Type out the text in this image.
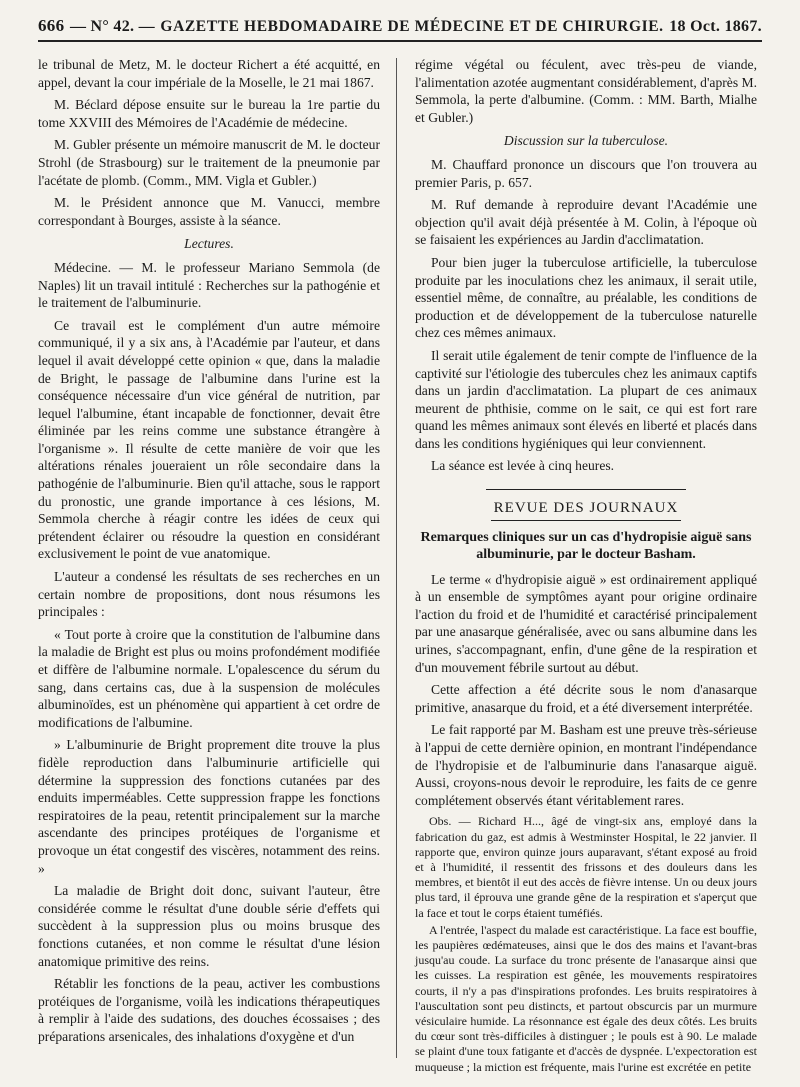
666 — N° 42. — GAZETTE HEBDOMADAIRE DE MÉDECINE ET DE CHIRURGIE. 18 Oct. 1867.

le tribunal de Metz, M. le docteur Richert a été acquitté, en appel, devant la cour impériale de la Moselle, le 21 mai 1867.

M. Béclard dépose ensuite sur le bureau la 1re partie du tome XXVIII des Mémoires de l'Académie de médecine.

M. Gubler présente un mémoire manuscrit de M. le docteur Strohl (de Strasbourg) sur le traitement de la pneumonie par l'acétate de plomb. (Comm., MM. Vigla et Gubler.)

M. le Président annonce que M. Vanucci, membre correspondant à Bourges, assiste à la séance.

Lectures.

Médecine. — M. le professeur Mariano Semmola (de Naples) lit un travail intitulé : Recherches sur la pathogénie et le traitement de l'albuminurie.

Ce travail est le complément d'un autre mémoire communiqué, il y a six ans, à l'Académie par l'auteur, et dans lequel il avait développé cette opinion « que, dans la maladie de Bright, le passage de l'albumine dans l'urine est la conséquence nécessaire d'un vice général de nutrition, par lequel l'albumine, étant incapable de fonctionner, devait être éliminée par les reins comme une substance étrangère à l'organisme ». Il résulte de cette manière de voir que les altérations rénales joueraient un rôle secondaire dans la pathogénie de l'albuminurie. Bien qu'il attache, sous le rapport du pronostic, une grande importance à ces lésions, M. Semmola cherche à réagir contre les idées de ceux qui prétendent éclairer ou résoudre la question en considérant exclusivement le point de vue anatomique.

L'auteur a condensé les résultats de ses recherches en un certain nombre de propositions, dont nous résumons les principales :

« Tout porte à croire que la constitution de l'albumine dans la maladie de Bright est plus ou moins profondément modifiée et diffère de l'albumine normale. L'opalescence du sérum du sang, dans certains cas, due à la suspension de molécules albuminoïdes, est un phénomène qui appartient à cet ordre de modifications de l'albumine.

» L'albuminurie de Bright proprement dite trouve la plus fidèle reproduction dans l'albuminurie artificielle qui détermine la suppression des fonctions cutanées par des enduits imperméables. Cette suppression frappe les fonctions respiratoires de la peau, retentit principalement sur la marche ascendante des principes protéiques de l'organisme et provoque un état congestif des viscères, notamment des reins. »

La maladie de Bright doit donc, suivant l'auteur, être considérée comme le résultat d'une double série d'effets qui succèdent à la suppression plus ou moins brusque des fonctions cutanées, et non comme le résultat d'une lésion anatomique primitive des reins.

Rétablir les fonctions de la peau, activer les combustions protéiques de l'organisme, voilà les indications thérapeutiques à remplir à l'aide des sudations, des douches écossaises ; des préparations arsenicales, des inhalations d'oxygène et d'un

régime végétal ou féculent, avec très-peu de viande, l'alimentation azotée augmentant considérablement, d'après M. Semmola, la perte d'albumine. (Comm. : MM. Barth, Mialhe et Gubler.)

Discussion sur la tuberculose.

M. Chauffard prononce un discours que l'on trouvera au premier Paris, p. 657.

M. Ruf demande à reproduire devant l'Académie une objection qu'il avait déjà présentée à M. Colin, à l'époque où se faisaient les expériences au Jardin d'acclimatation.

Pour bien juger la tuberculose artificielle, la tuberculose produite par les inoculations chez les animaux, il serait utile, essentiel même, de connaître, au préalable, les conditions de production et de développement de la tuberculose naturelle chez ces mêmes animaux.

Il serait utile également de tenir compte de l'influence de la captivité sur l'étiologie des tubercules chez les animaux captifs dans un jardin d'acclimatation. La plupart de ces animaux meurent de phthisie, comme on le sait, ce qui est fort rare quand les mêmes animaux sont élevés en liberté et placés dans dans les conditions hygiéniques qui leur conviennent.

La séance est levée à cinq heures.

REVUE DES JOURNAUX
Remarques cliniques sur un cas d'hydropisie aiguë sans albuminurie, par le docteur Basham.

Le terme « d'hydropisie aiguë » est ordinairement appliqué à un ensemble de symptômes ayant pour origine ordinaire l'action du froid et de l'humidité et caractérisé principalement par une anasarque généralisée, avec ou sans albumine dans les urines, s'accompagnant, enfin, d'une gêne de la respiration et d'un mouvement fébrile surtout au début.

Cette affection a été décrite sous le nom d'anasarque primitive, anasarque du froid, et a été diversement interprétée.

Le fait rapporté par M. Basham est une preuve très-sérieuse à l'appui de cette dernière opinion, en montrant l'indépendance de l'hydropisie et de l'albuminurie dans l'anasarque aiguë. Aussi, croyons-nous devoir le reproduire, les faits de ce genre complétement observés étant véritablement rares.

Obs. — Richard H..., âgé de vingt-six ans, employé dans la fabrication du gaz, est admis à Westminster Hospital, le 22 janvier. Il rapporte que, environ quinze jours auparavant, s'étant exposé au froid et à l'humidité, il ressentit des frissons et des douleurs dans les membres, et bientôt il eut des accès de fièvre intense. Un ou deux jours plus tard, il éprouva une grande gêne de la respiration et s'aperçut que la face et tout le corps étaient tuméfiés.

A l'entrée, l'aspect du malade est caractéristique. La face est bouffie, les paupières œdémateuses, ainsi que le dos des mains et l'avant-bras jusqu'au coude. La surface du tronc présente de l'anasarque ainsi que les cuisses. La respiration est gênée, les mouvements respiratoires courts, il n'y a pas d'inspirations profondes. Les bruits respiratoires à l'auscultation sont peu distincts, et partout obscurcis par un murmure vésiculaire humide. La résonnance est égale des deux côtés. Les bruits du cœur sont très-difficiles à distinguer ; le pouls est à 90. Le malade se plaint d'une toux fatigante et d'accès de dyspnée. L'expectoration est muqueuse ; la miction est fréquente, mais l'urine est excrétée en petite
